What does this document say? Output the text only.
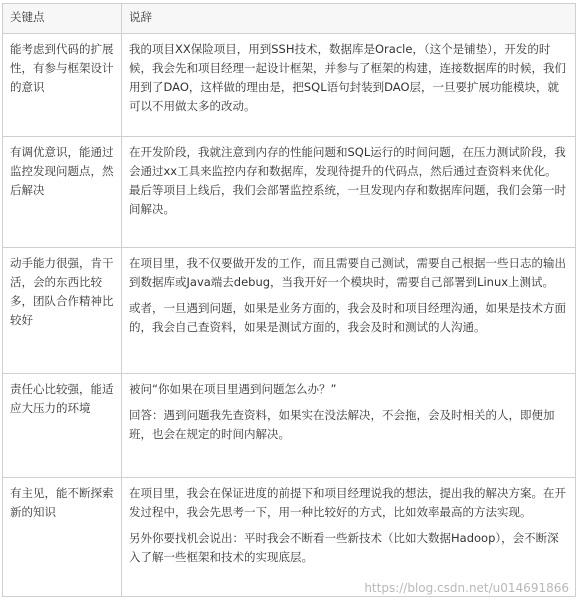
关键点	说辞
能考虑到代码的扩展性，有参与框架设计的意识	我的项目XX保险项目，用到SSH技术，数据库是Oracle，（这个是铺垫），开发的时候，我会先和项目经理一起设计框架，并参与了框架的构建，连接数据库的时候，我们用到了DAO，这样做的理由是，把SQL语句封装到DAO层，一旦要扩展功能模块，就可以不用做太多的改动。

有调优意识，能通过监控发现问题点，然后解决	在开发阶段，我就注意到内存的性能问题和SQL运行的时间问题，在压力测试阶段，我会通过xx工具来监控内存和数据库，发现待提升的代码点，然后通过查资料来优化。最后等项目上线后，我们会部署监控系统，一旦发现内存和数据库问题，我们会第一时间解决。

动手能力很强，肯干活，会的东西比较多，团队合作精神比较好	在项目里，我不仅要做开发的工作，而且需要自己测试，需要自己根据一些日志的输出到数据库或Java端去debug，当我开好一个模块时，需要自己部署到Linux上测试。

或者，一旦遇到问题，如果是业务方面的，我会及时和项目经理沟通，如果是技术方面的，我会自己查资料，如果是测试方面的，我会及时和测试的人沟通。

责任心比较强，能适应大压力的环境	被问“你如果在项目里遇到问题怎么办？”

回答：遇到问题我先查资料，如果实在没法解决，不会拖，会及时相关的人，即便加班，也会在规定的时间内解决。

有主见，能不断探索新的知识	在项目里，我会在保证进度的前提下和项目经理说我的想法，提出我的解决方案。在开发过程中，我会先思考一下，用一种比较好的方式，比如效率最高的方法实现。

另外你要找机会说出：平时我会不断看一些新技术（比如大数据Hadoop），会不断深入了解一些框架和技术的实现底层。

https://blog.csdn.net/u014691866
